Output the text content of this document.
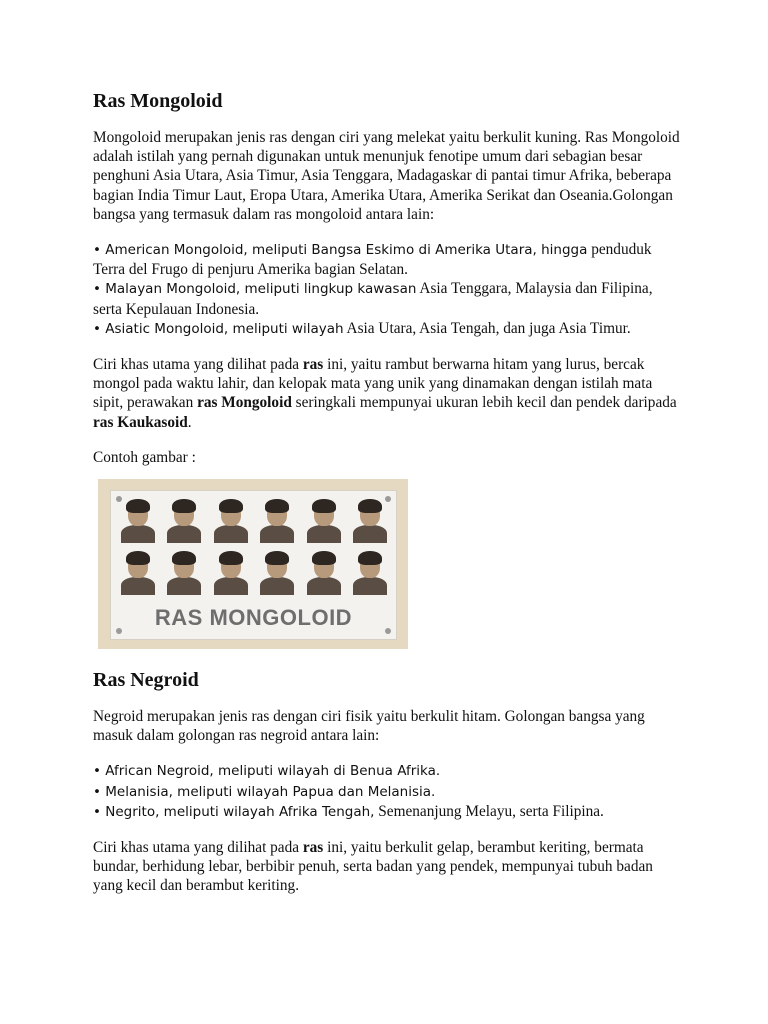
Ras Mongoloid

Mongoloid merupakan jenis ras dengan ciri yang melekat yaitu berkulit kuning. Ras Mongoloid adalah istilah yang pernah digunakan untuk menunjuk fenotipe umum dari sebagian besar penghuni Asia Utara, Asia Timur, Asia Tenggara, Madagaskar di pantai timur Afrika, beberapa bagian India Timur Laut, Eropa Utara, Amerika Utara, Amerika Serikat dan Oseania.Golongan bangsa yang termasuk dalam ras mongoloid antara lain:

• American Mongoloid, meliputi Bangsa Eskimo di Amerika Utara, hingga penduduk Terra del Frugo di penjuru Amerika bagian Selatan.
• Malayan Mongoloid, meliputi lingkup kawasan Asia Tenggara, Malaysia dan Filipina, serta Kepulauan Indonesia.
• Asiatic Mongoloid, meliputi wilayah Asia Utara, Asia Tengah, dan juga Asia Timur.

Ciri khas utama yang dilihat pada ras ini, yaitu rambut berwarna hitam yang lurus, bercak mongol pada waktu lahir, dan kelopak mata yang unik yang dinamakan dengan istilah mata sipit, perawakan ras Mongoloid seringkali mempunyai ukuran lebih kecil dan pendek daripada ras Kaukasoid.

Contoh gambar :

RAS MONGOLOID
Ras Negroid

Negroid merupakan jenis ras dengan ciri fisik yaitu berkulit hitam. Golongan bangsa yang masuk dalam golongan ras negroid antara lain:

• African Negroid, meliputi wilayah di Benua Afrika.
• Melanisia, meliputi wilayah Papua dan Melanisia.
• Negrito, meliputi wilayah Afrika Tengah, Semenanjung Melayu, serta Filipina.

Ciri khas utama yang dilihat pada ras ini, yaitu berkulit gelap, berambut keriting, bermata bundar, berhidung lebar, berbibir penuh, serta badan yang pendek, mempunyai tubuh badan yang kecil dan berambut keriting.
